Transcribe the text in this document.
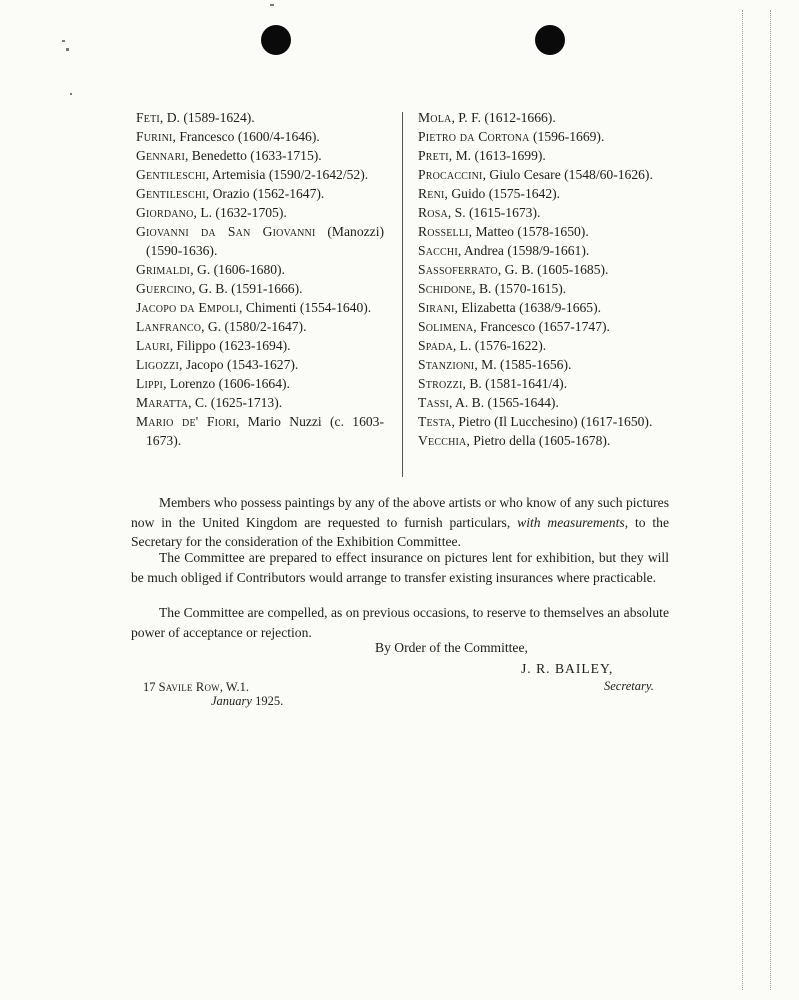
Feti, D. (1589-1624).
Furini, Francesco (1600/4-1646).
Gennari, Benedetto (1633-1715).
Gentileschi, Artemisia (1590/2-1642/52).
Gentileschi, Orazio (1562-1647).
Giordano, L. (1632-1705).
Giovanni da San Giovanni (Manozzi) (1590-1636).
Grimaldi, G. (1606-1680).
Guercino, G. B. (1591-1666).
Jacopo da Empoli, Chimenti (1554-1640).
Lanfranco, G. (1580/2-1647).
Lauri, Filippo (1623-1694).
Ligozzi, Jacopo (1543-1627).
Lippi, Lorenzo (1606-1664).
Maratta, C. (1625-1713).
Mario de' Fiori, Mario Nuzzi (c. 1603-1673).
Mola, P. F. (1612-1666).
Pietro da Cortona (1596-1669).
Preti, M. (1613-1699).
Procaccini, Giulo Cesare (1548/60-1626).
Reni, Guido (1575-1642).
Rosa, S. (1615-1673).
Rosselli, Matteo (1578-1650).
Sacchi, Andrea (1598/9-1661).
Sassoferrato, G. B. (1605-1685).
Schidone, B. (1570-1615).
Sirani, Elizabetta (1638/9-1665).
Solimena, Francesco (1657-1747).
Spada, L. (1576-1622).
Stanzioni, M. (1585-1656).
Strozzi, B. (1581-1641/4).
Tassi, A. B. (1565-1644).
Testa, Pietro (Il Lucchesino) (1617-1650).
Vecchia, Pietro della (1605-1678).

Members who possess paintings by any of the above artists or who know of any such pictures now in the United Kingdom are requested to furnish particulars, with measurements, to the Secretary for the consideration of the Exhibition Committee.

The Committee are prepared to effect insurance on pictures lent for exhibition, but they will be much obliged if Contributors would arrange to transfer existing insurances where practicable.

The Committee are compelled, as on previous occasions, to reserve to themselves an absolute power of acceptance or rejection.

By Order of the Committee,
J. R. BAILEY,
Secretary.
17 Savile Row, W.1.
January 1925.
